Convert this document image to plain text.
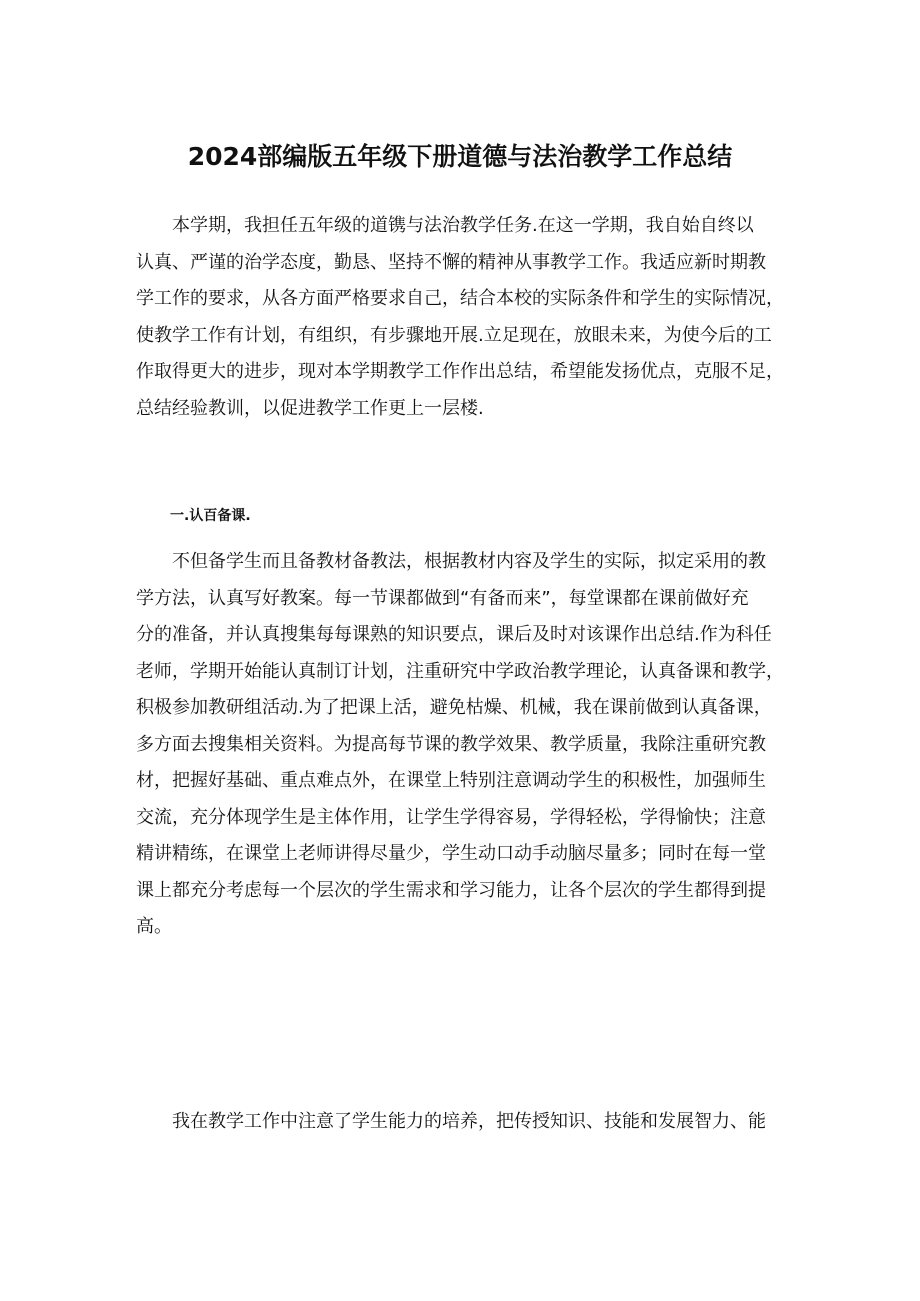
2024部编版五年级下册道德与法治教学工作总结
本学期，我担任五年级的道镌与法治教学任务.在这一学期，我自始自终以
认真、严谨的治学态度，勤恳、坚持不懈的精神从事教学工作。我适应新时期教
学工作的要求，从各方面严格要求自己，结合本校的实际条件和学生的实际情况，
使教学工作有计划，有组织，有步骤地开展.立足现在，放眼未来，为使今后的工
作取得更大的进步，现对本学期教学工作作出总结，希望能发扬优点，克服不足，
总结经验教训，以促进教学工作更上一层楼.
一.认百备课.
不但备学生而且备教材备教法，根据教材内容及学生的实际，拟定采用的教
学方法，认真写好教案。每一节课都做到“有备而来”，每堂课都在课前做好充
分的准备，并认真搜集每每课熟的知识要点，课后及时对该课作出总结.作为科任
老师，学期开始能认真制订计划，注重研究中学政治教学理论，认真备课和教学，
积极参加教研组活动.为了把课上活，避免枯燥、机械，我在课前做到认真备课，
多方面去搜集相关资料。为提高每节课的教学效果、教学质量，我除注重研究教
材，把握好基础、重点难点外，在课堂上特别注意调动学生的积极性，加强师生
交流，充分体现学生是主体作用，让学生学得容易，学得轻松，学得愉快；注意
精讲精练，在课堂上老师讲得尽量少，学生动口动手动脑尽量多；同时在每一堂
课上都充分考虑每一个层次的学生需求和学习能力，让各个层次的学生都得到提
高。
我在教学工作中注意了学生能力的培养，把传授知识、技能和发展智力、能
